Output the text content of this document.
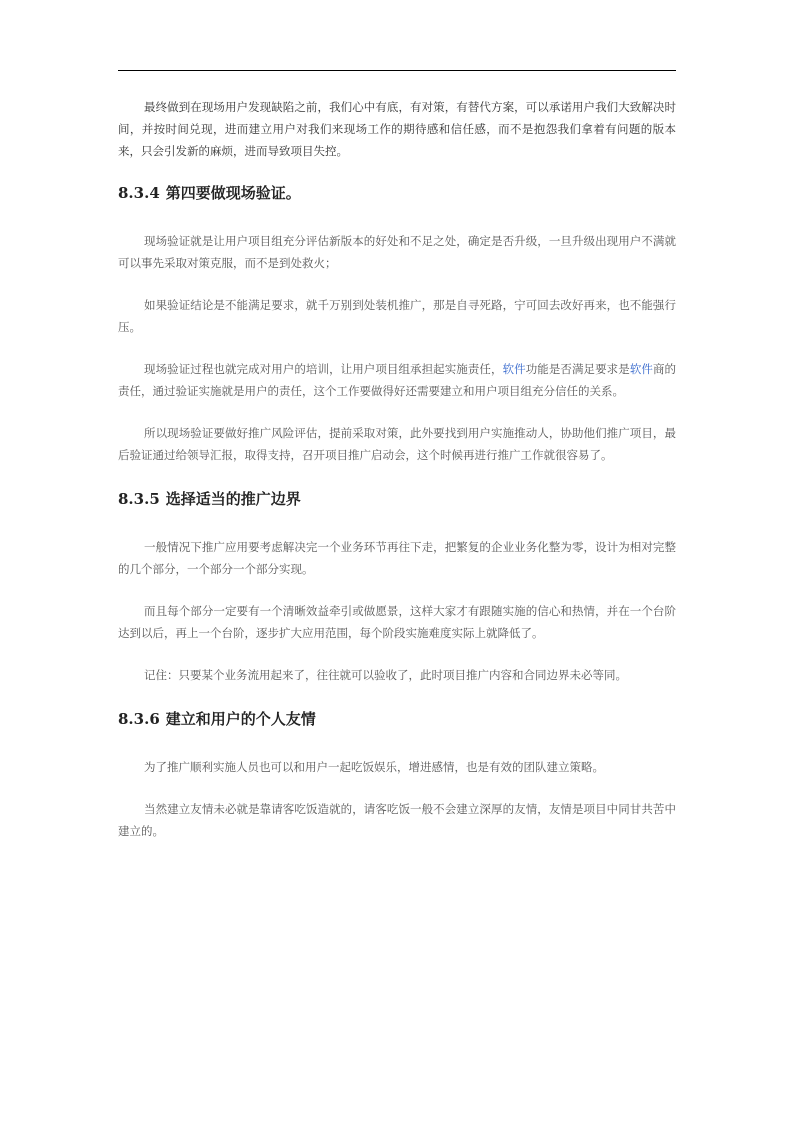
最终做到在现场用户发现缺陷之前，我们心中有底，有对策，有替代方案，可以承诺用户我们大致解决时间，并按时间兑现，进而建立用户对我们来现场工作的期待感和信任感，而不是抱怨我们拿着有问题的版本来，只会引发新的麻烦，进而导致项目失控。

8.3.4 第四要做现场验证。

现场验证就是让用户项目组充分评估新版本的好处和不足之处，确定是否升级，一旦升级出现用户不满就可以事先采取对策克服，而不是到处救火；

如果验证结论是不能满足要求，就千万别到处装机推广，那是自寻死路，宁可回去改好再来，也不能强行压。

现场验证过程也就完成对用户的培训，让用户项目组承担起实施责任，软件功能是否满足要求是软件商的责任，通过验证实施就是用户的责任，这个工作要做得好还需要建立和用户项目组充分信任的关系。

所以现场验证要做好推广风险评估，提前采取对策，此外要找到用户实施推动人，协助他们推广项目，最后验证通过给领导汇报，取得支持，召开项目推广启动会，这个时候再进行推广工作就很容易了。

8.3.5 选择适当的推广边界

一般情况下推广应用要考虑解决完一个业务环节再往下走，把繁复的企业业务化整为零，设计为相对完整的几个部分，一个部分一个部分实现。

而且每个部分一定要有一个清晰效益牵引或做愿景，这样大家才有跟随实施的信心和热情，并在一个台阶达到以后，再上一个台阶，逐步扩大应用范围，每个阶段实施难度实际上就降低了。

记住：只要某个业务流用起来了，往往就可以验收了，此时项目推广内容和合同边界未必等同。

8.3.6 建立和用户的个人友情

为了推广顺利实施人员也可以和用户一起吃饭娱乐，增进感情，也是有效的团队建立策略。

当然建立友情未必就是靠请客吃饭造就的，请客吃饭一般不会建立深厚的友情，友情是项目中同甘共苦中建立的。
